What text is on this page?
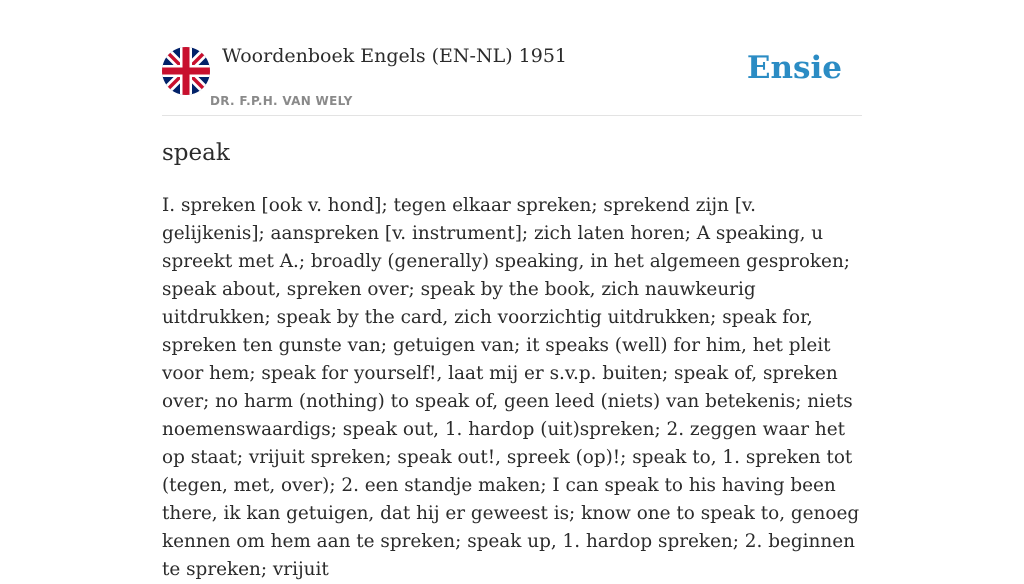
Woordenboek Engels (EN-NL) 1951
DR. F.P.H. VAN WELY
Ensie
speak

I. spreken [ook v. hond]; tegen elkaar spreken; sprekend zijn [v. gelijkenis]; aanspreken [v. instrument]; zich laten horen; A speaking, u spreekt met A.; broadly (generally) speaking, in het algemeen gesproken; speak about, spreken over; speak by the book, zich nauwkeurig uitdrukken; speak by the card, zich voorzichtig uitdrukken; speak for, spreken ten gunste van; getuigen van; it speaks (well) for him, het pleit voor hem; speak for yourself!, laat mij er s.v.p. buiten; speak of, spreken over; no harm (nothing) to speak of, geen leed (niets) van betekenis; niets noemenswaardigs; speak out, 1. hardop (uit)spreken; 2. zeggen waar het op staat; vrijuit spreken; speak out!, spreek (op)!; speak to, 1. spreken tot (tegen, met, over); 2. een standje maken; I can speak to his having been there, ik kan getuigen, dat hij er geweest is; know one to speak to, genoeg kennen om hem aan te spreken; speak up, 1. hardop spreken; 2. beginnen te spreken; vrijuit
